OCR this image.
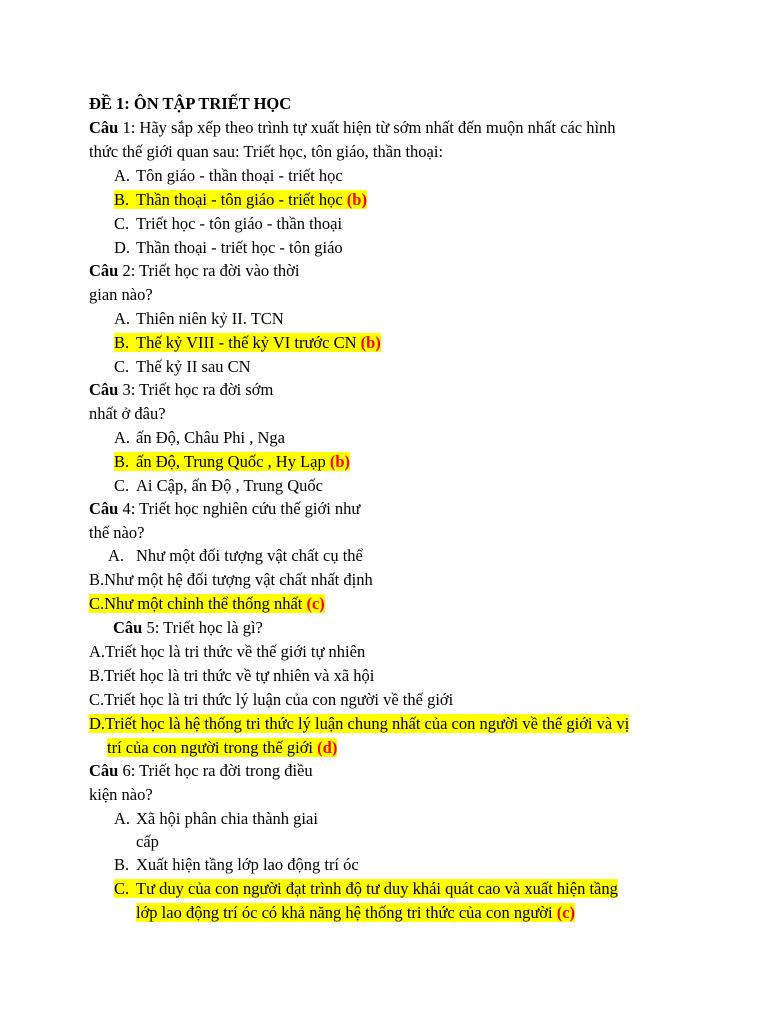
ĐỀ 1: ÔN TẬP TRIẾT HỌC
Câu 1: Hãy sắp xếp theo trình tự xuất hiện từ sớm nhất đến muộn nhất các hình
thức thế giới quan sau: Triết học, tôn giáo, thần thoại:
A. Tôn giáo - thần thoại - triết học
B. Thần thoại - tôn giáo - triết học (b)
C. Triết học - tôn giáo - thần thoại
D. Thần thoại - triết học - tôn giáo
Câu 2: Triết học ra đời vào thời
gian nào?
A. Thiên niên kỷ II. TCN
B. Thế kỷ VIII - thế kỷ VI trước CN (b)
C. Thế kỷ II sau CN
Câu 3: Triết học ra đời sớm
nhất ở đâu?
A. ấn Độ, Châu Phi , Nga
B. ấn Độ, Trung Quốc , Hy Lạp (b)
C. Ai Cập, ấn Độ , Trung Quốc
Câu 4: Triết học nghiên cứu thế giới như
thế nào?
A. Như một đối tượng vật chất cụ thể
B.Như một hệ đối tượng vật chất nhất định
C.Như một chỉnh thể thống nhất (c)
Câu 5: Triết học là gì?
A.Triết học là tri thức về thế giới tự nhiên
B.Triết học là tri thức về tự nhiên và xã hội
C.Triết học là tri thức lý luận của con người về thế giới
D.Triết học là hệ thống tri thức lý luận chung nhất của con người về thế giới và vị
trí của con người trong thế giới (d)
Câu 6: Triết học ra đời trong điều
kiện nào?
A. Xã hội phân chia thành giai
cấp
B. Xuất hiện tầng lớp lao động trí óc
C. Tư duy của con người đạt trình độ tư duy khái quát cao và xuất hiện tầng
lớp lao động trí óc có khả năng hệ thống tri thức của con người (c)
